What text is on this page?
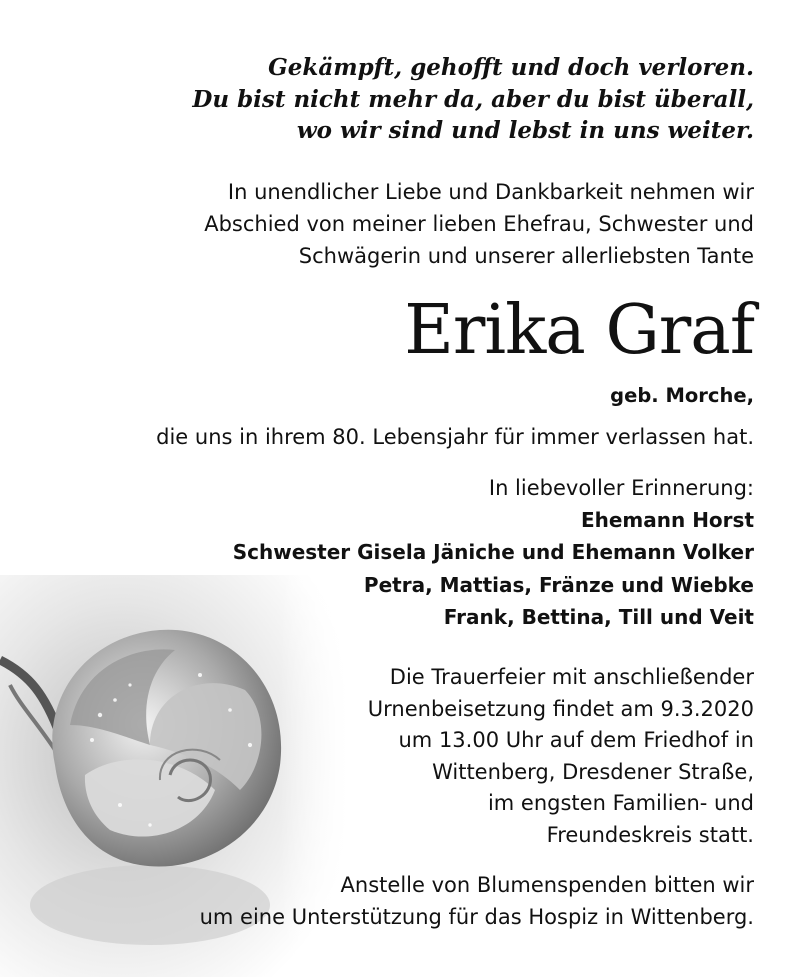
Gekämpft, gehofft und doch verloren.
Du bist nicht mehr da, aber du bist überall,
wo wir sind und lebst in uns weiter.
In unendlicher Liebe und Dankbarkeit nehmen wir
Abschied von meiner lieben Ehefrau, Schwester und
Schwägerin und unserer allerliebsten Tante
Erika Graf
geb. Morche,
die uns in ihrem 80. Lebensjahr für immer verlassen hat.
In liebevoller Erinnerung:
Ehemann Horst
Schwester Gisela Jäniche und Ehemann Volker
Petra, Mattias, Fränze und Wiebke
Frank, Bettina, Till und Veit
Die Trauerfeier mit anschließender
Urnenbeisetzung findet am 9.3.2020
um 13.00 Uhr auf dem Friedhof in
Wittenberg, Dresdener Straße,
im engsten Familien- und
Freundeskreis statt.
Anstelle von Blumenspenden bitten wir
um eine Unterstützung für das Hospiz in Wittenberg.
